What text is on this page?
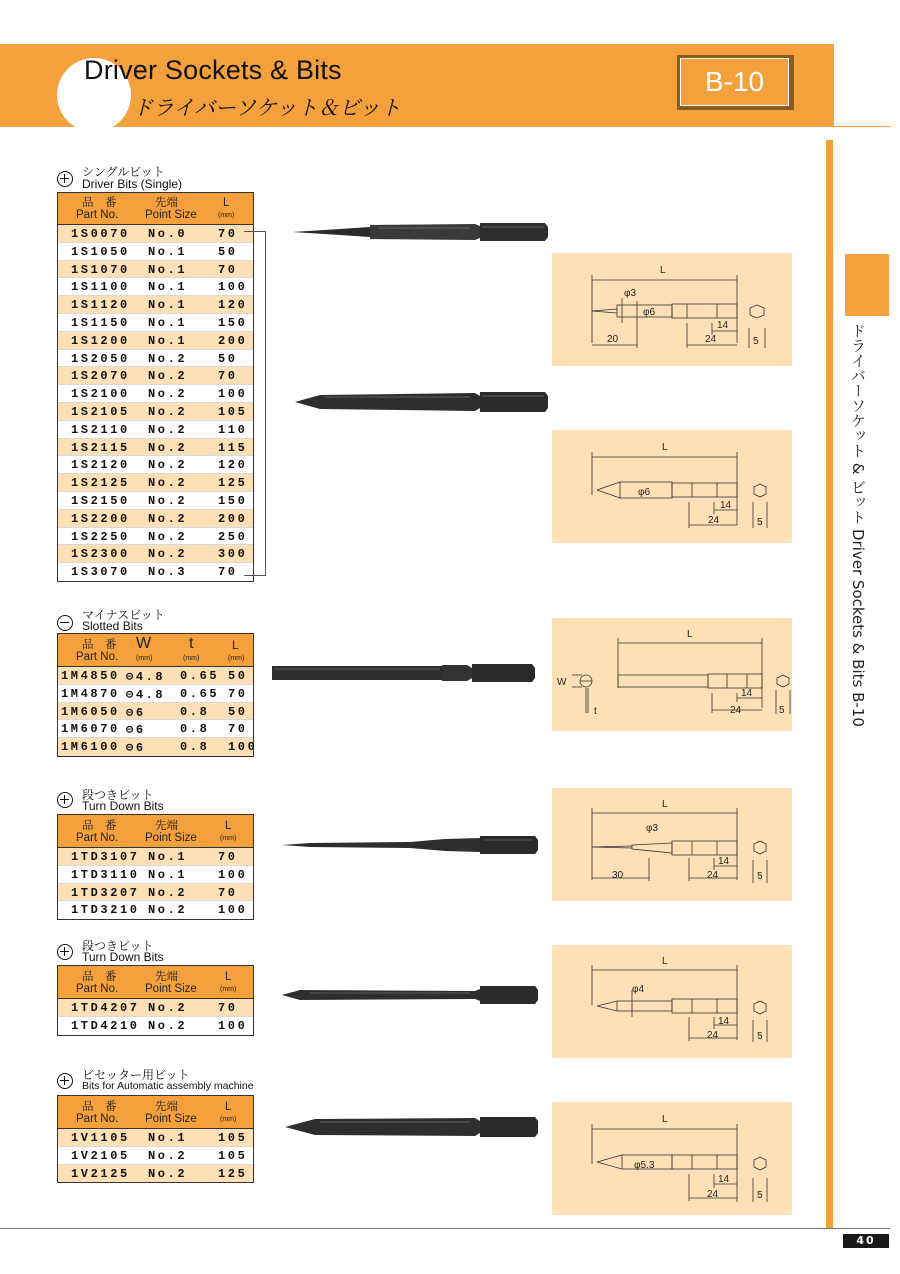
Driver Sockets & Bits
ドライバーソケット＆ビット
B-10
ドライバーソケット & ビット Driver Sockets & Bits B-10
40
シングルビット
Driver Bits (Single)
品　番
Part No.
先端
Point Size
L
(mm)
1S0070 No.0	70
1S1050 No.1	50
1S1070 No.1	70
1S1100 No.1	100
1S1120 No.1	120
1S1150 No.1	150
1S1200 No.1	200
1S2050 No.2	50
1S2070 No.2	70
1S2100 No.2	100
1S2105 No.2	105
1S2110 No.2	110
1S2115 No.2	115
1S2120 No.2	120
1S2125 No.2	125
1S2150 No.2	150
1S2200 No.2	200
1S2250 No.2	250
1S2300 No.2	300
1S3070 No.3	70
マイナスビット
Slotted Bits
品　番
Part No.
W
(mm)
t
(mm)
L
(mm)
1M4850 ⊖4.8 0.65 50
1M4870 ⊖4.8 0.65 70
1M6050 ⊖6	0.8 50
1M6070 ⊖6	0.8 70
1M6100 ⊖6	0.8 100
段つきビット
Turn Down Bits
品　番
Part No.
先端
Point Size
L
(mm)
1TD3107 No.1	70
1TD3110 No.1	100
1TD3207 No.2	70
1TD3210 No.2	100
段つきビット
Turn Down Bits
品　番
Part No.
先端
Point Size
L
(mm)
1TD4207 No.2	70
1TD4210 No.2	100
ビセッター用ビット
Bits for Automatic assembly machine
品　番
Part No.
先端
Point Size
L
(mm)
1V1105 No.1	105
1V2105 No.2	105
1V2125 No.2	125
L
φ3
φ6
20	24
14
5
L
φ6
24
14
5
L
W
t	24
14
5
L
φ3
30	24
14
5
L
φ4
24
14
5
L
φ5.3
24
14
5
